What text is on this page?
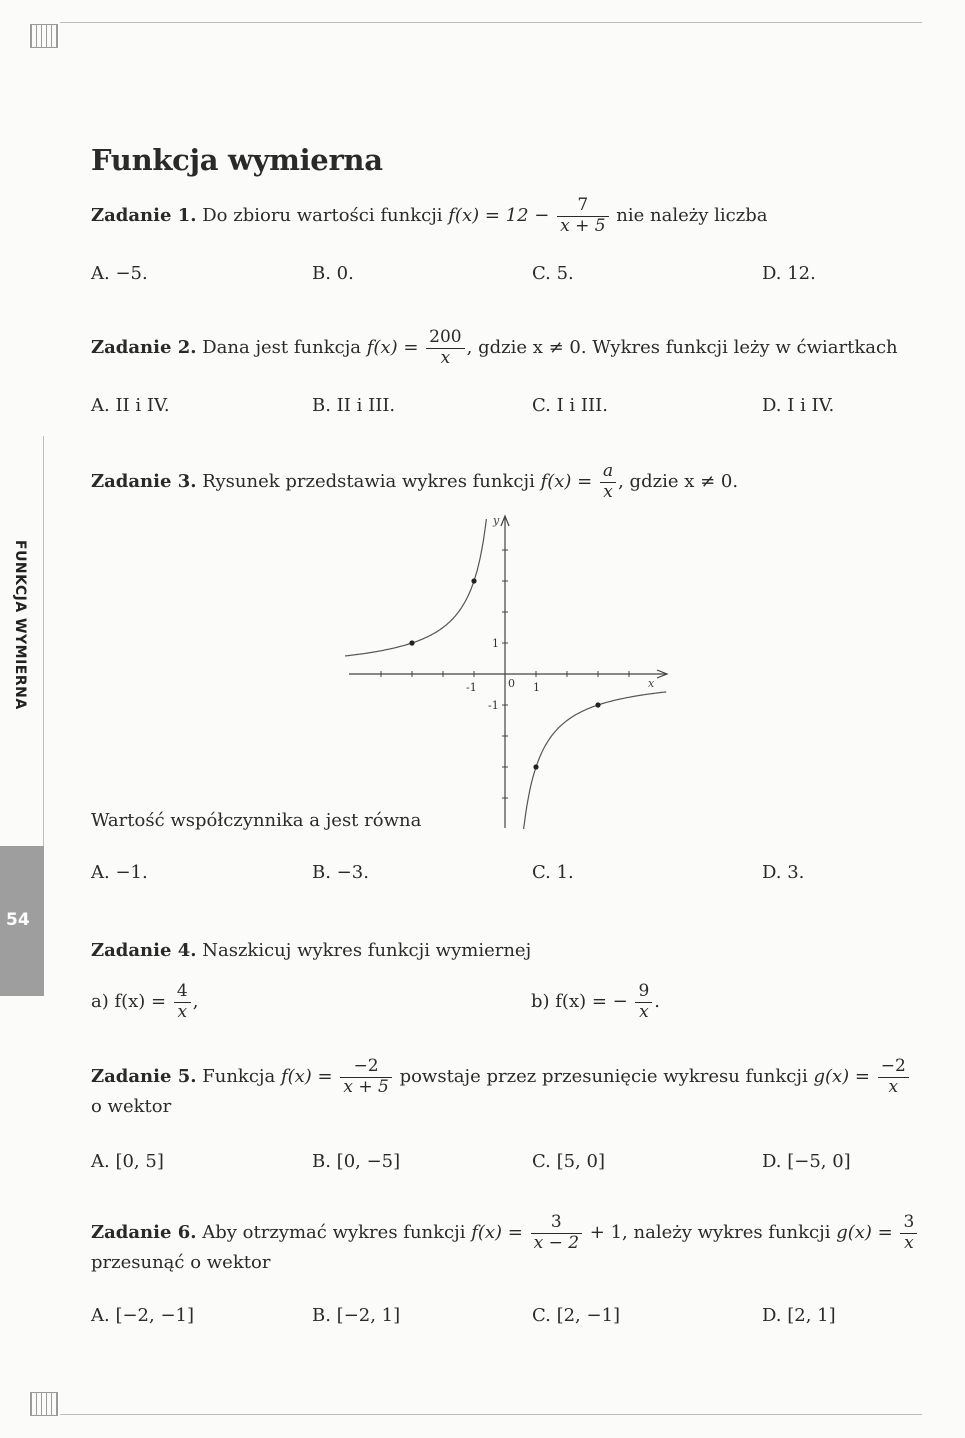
FUNKCJA WYMIERNA
54
Funkcja wymierna
Zadanie 1. Do zbioru wartości funkcji $f(x) = 12 - \frac{7}{x + 5}$ nie należy liczba
A. −5.	B. 0.	C. 5.	D. 12.
Zadanie 2. Dana jest funkcja $f(x) = \frac{200}{x}$ , gdzie x ≠ 0. Wykres funkcji leży w ćwiartkach
A. II i IV.	B. II i III.	C. I i III.	D. I i IV.
Zadanie 3. Rysunek przedstawia wykres funkcji $f(x) = \frac{a}{x}$ , gdzie x ≠ 0.
x
y
-1	0 1
1
-1
Wartość współczynnika a jest równa
A. −1.	B. −3.	C. 1.	D. 3.
Zadanie 4. Naszkicuj wykres funkcji wymiernej
a) $f(x) = \frac{4}{x}$ ,	b) f(x) = − $\frac{9}{x}$ .
Zadanie 5. Funkcja $f(x) = \frac{-2}{x + 5}$ powstaje przez przesunięcie wykresu funkcji $g(x) = \frac{-2}{x}$
o wektor
A. [0, 5]	B. [0, −5]	C. [5, 0]	D. [−5, 0]
Zadanie 6. Aby otrzymać wykres funkcji $f(x) = \frac{3}{x - 2} + 1$, należy wykres funkcji $g(x) = \frac{3}{x}$
przesunąć o wektor
A. [−2, −1]	B. [−2, 1]	C. [2, −1]	D. [2, 1]
